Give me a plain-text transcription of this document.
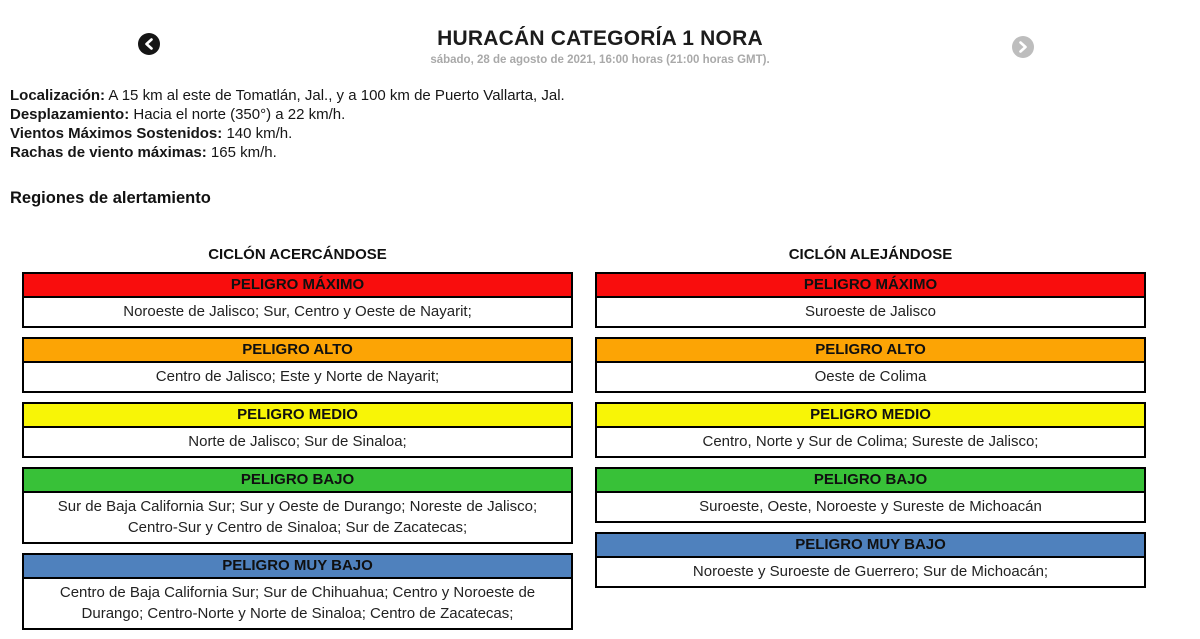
HURACÁN CATEGORÍA 1 NORA
sábado, 28 de agosto de 2021, 16:00 horas (21:00 horas GMT).
Localización: A 15 km al este de Tomatlán, Jal., y a 100 km de Puerto Vallarta, Jal.
Desplazamiento: Hacia el norte (350°) a 22 km/h.
Vientos Máximos Sostenidos: 140 km/h.
Rachas de viento máximas: 165 km/h.
Regiones de alertamiento
CICLÓN ACERCÁNDOSE
PELIGRO MÁXIMO
Noroeste de Jalisco; Sur, Centro y Oeste de Nayarit;
PELIGRO ALTO
Centro de Jalisco; Este y Norte de Nayarit;
PELIGRO MEDIO
Norte de Jalisco; Sur de Sinaloa;
PELIGRO BAJO
Sur de Baja California Sur; Sur y Oeste de Durango; Noreste de Jalisco; Centro-Sur y Centro de Sinaloa; Sur de Zacatecas;
PELIGRO MUY BAJO
Centro de Baja California Sur; Sur de Chihuahua; Centro y Noroeste de Durango; Centro-Norte y Norte de Sinaloa; Centro de Zacatecas;
CICLÓN ALEJÁNDOSE
PELIGRO MÁXIMO
Suroeste de Jalisco
PELIGRO ALTO
Oeste de Colima
PELIGRO MEDIO
Centro, Norte y Sur de Colima; Sureste de Jalisco;
PELIGRO BAJO
Suroeste, Oeste, Noroeste y Sureste de Michoacán
PELIGRO MUY BAJO
Noroeste y Suroeste de Guerrero; Sur de Michoacán;
